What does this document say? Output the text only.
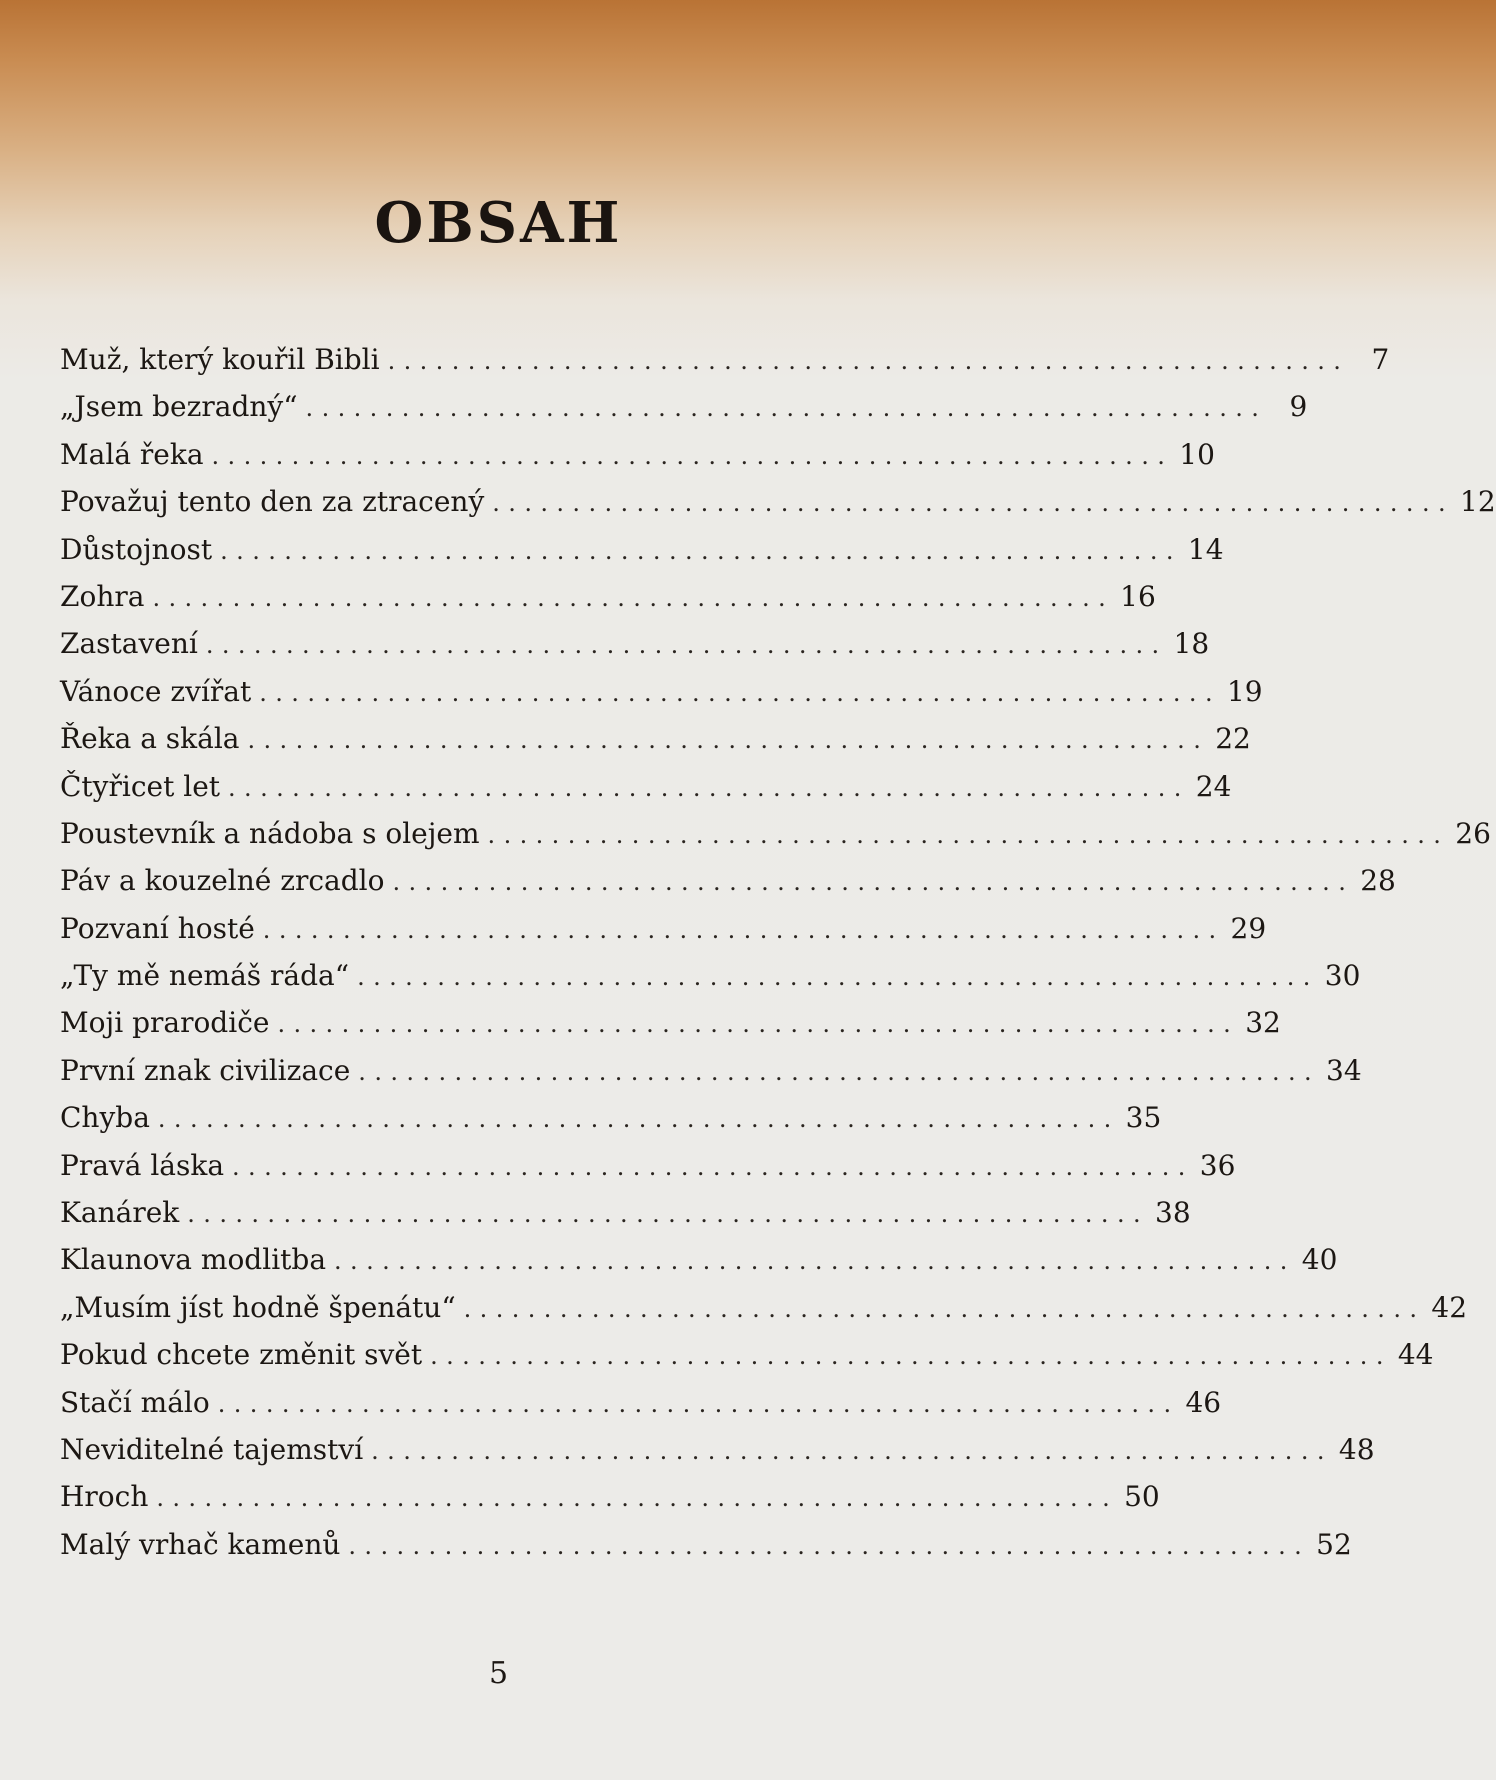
OBSAH
Muž, který kouřil Bibli ............................................................ 7
„Jsem bezradný“ ............................................................ 9
Malá řeka ............................................................ 10
Považuj tento den za ztracený ............................................................ 12
Důstojnost ............................................................ 14
Zohra ............................................................ 16
Zastavení ............................................................ 18
Vánoce zvířat ............................................................ 19
Řeka a skála ............................................................ 22
Čtyřicet let ............................................................ 24
Poustevník a nádoba s olejem ............................................................ 26
Páv a kouzelné zrcadlo ............................................................ 28
Pozvaní hosté ............................................................ 29
„Ty mě nemáš ráda“ ............................................................ 30
Moji prarodiče ............................................................ 32
První znak civilizace ............................................................ 34
Chyba ............................................................ 35
Pravá láska ............................................................ 36
Kanárek ............................................................ 38
Klaunova modlitba ............................................................ 40
„Musím jíst hodně špenátu“ ............................................................ 42
Pokud chcete změnit svět ............................................................ 44
Stačí málo ............................................................ 46
Neviditelné tajemství ............................................................ 48
Hroch ............................................................ 50
Malý vrhač kamenů ............................................................ 52
5
